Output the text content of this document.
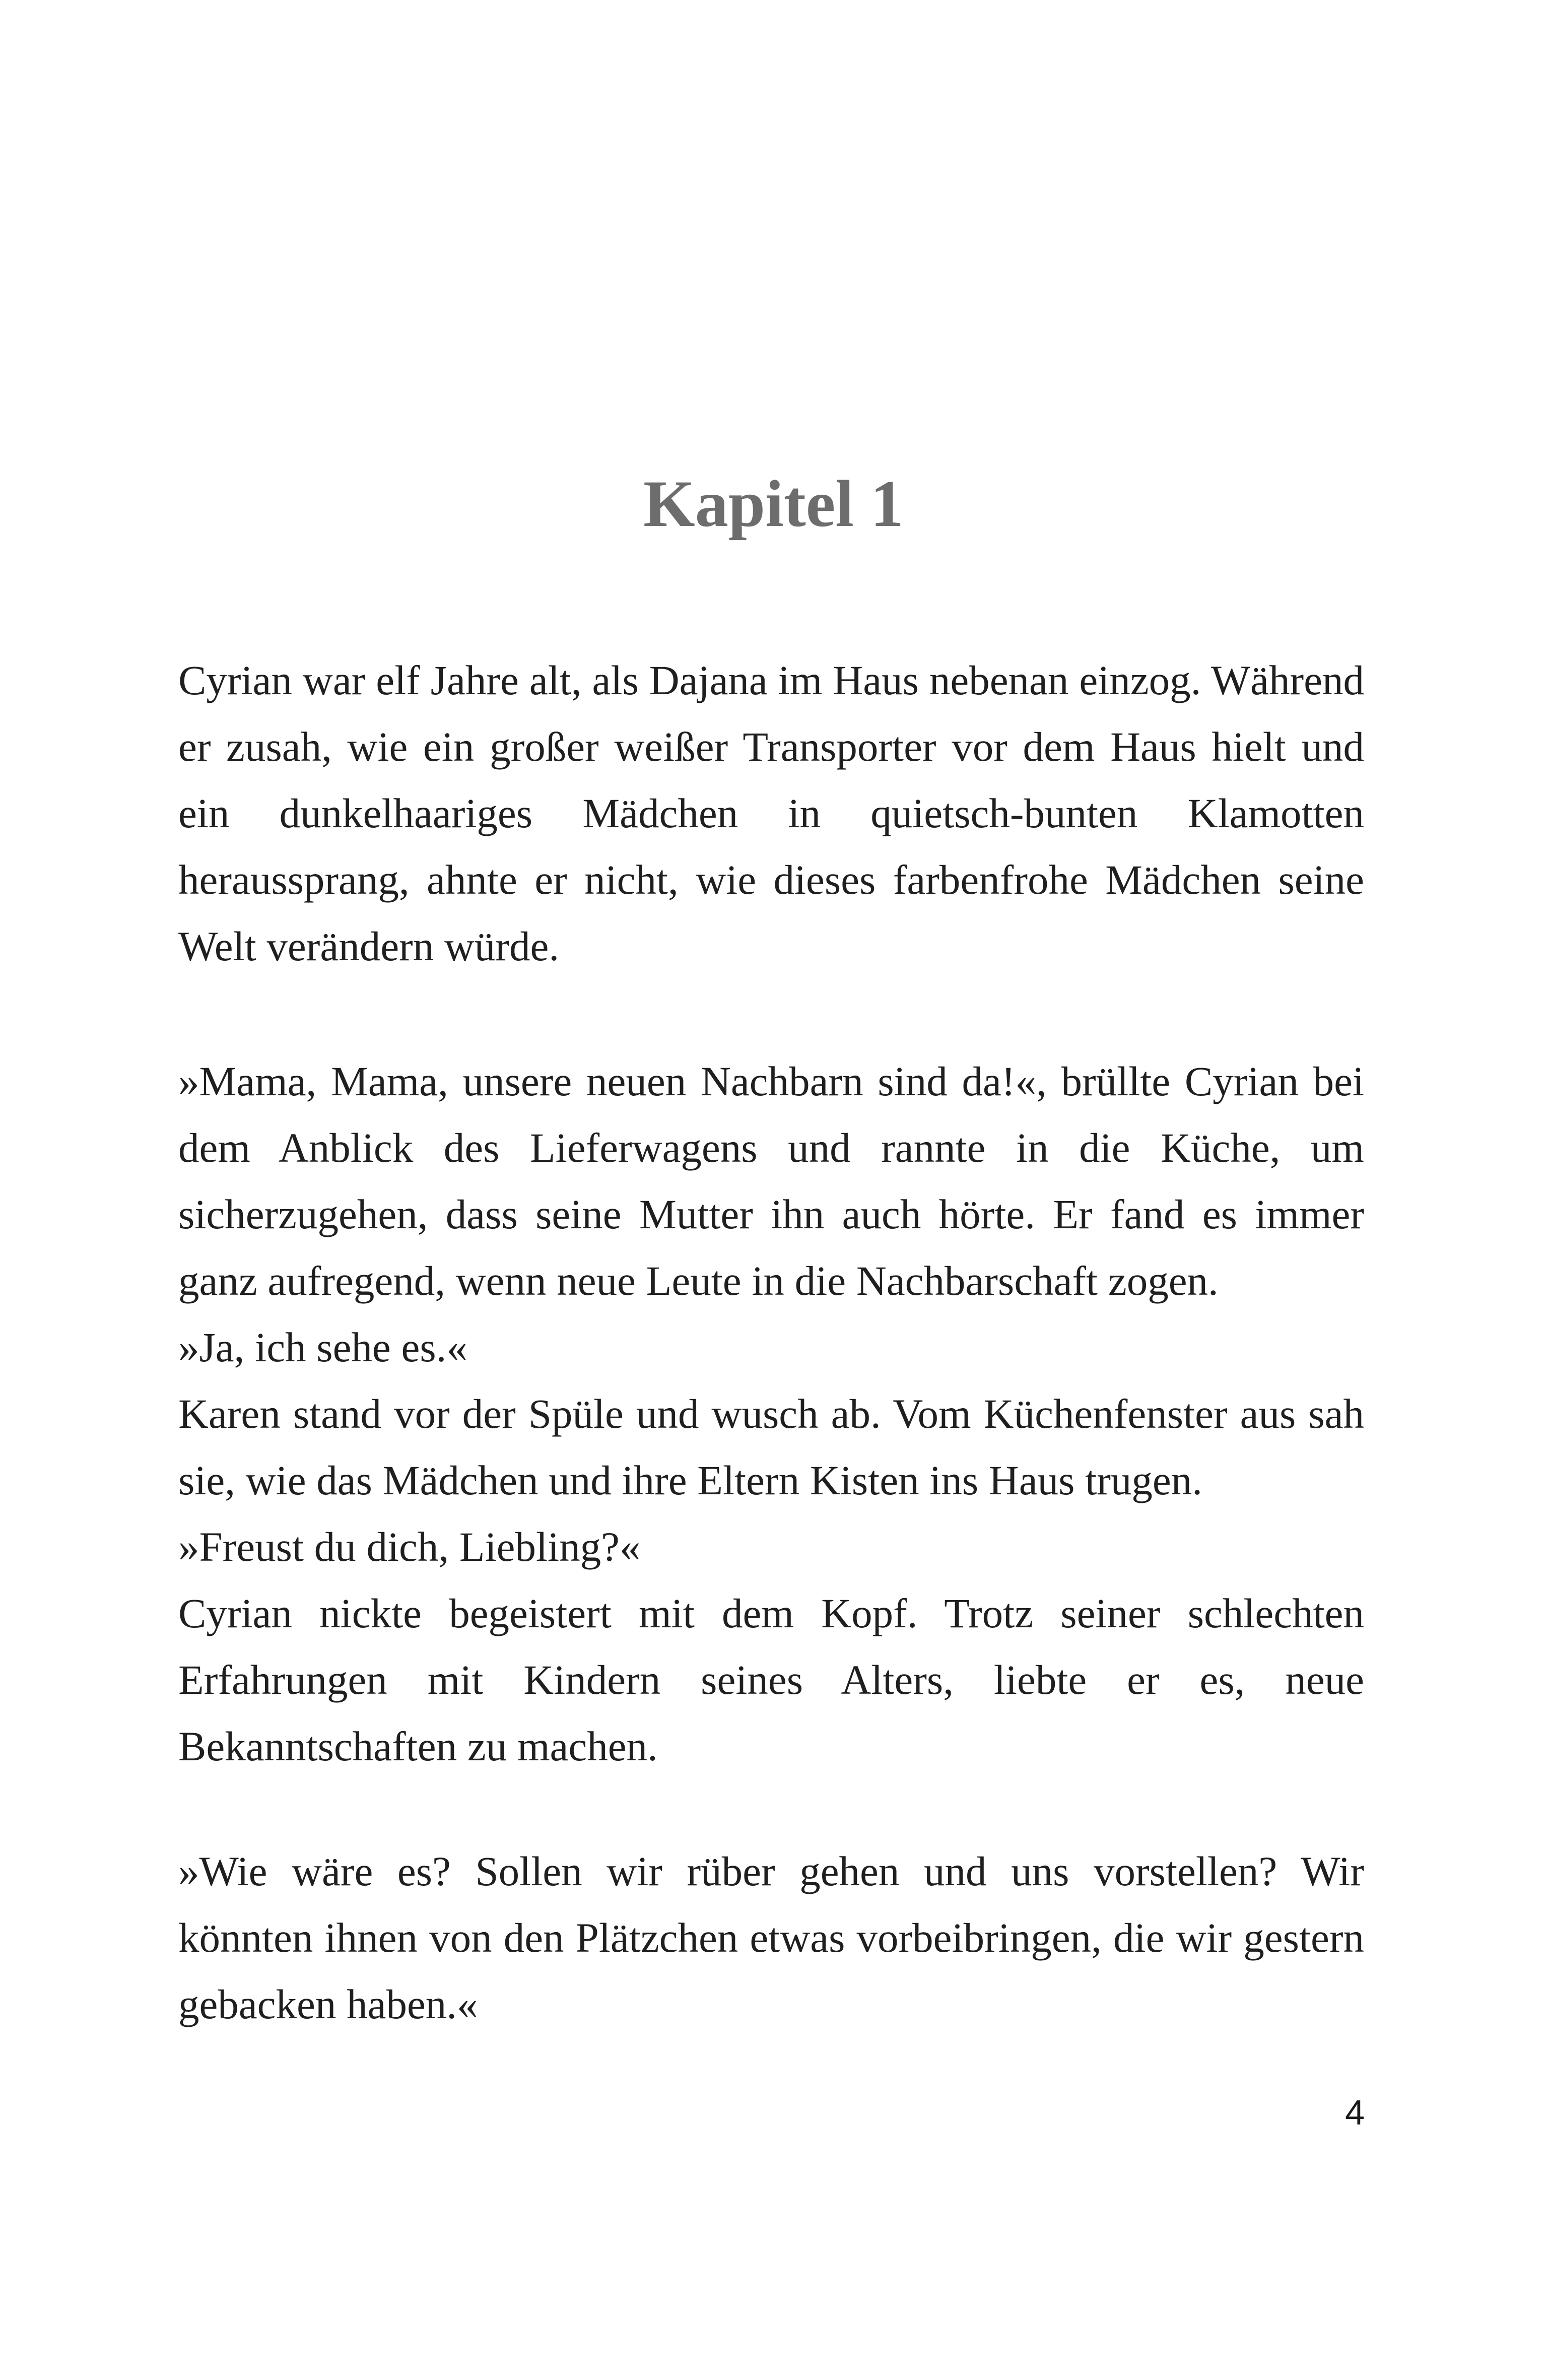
Kapitel 1

Cyrian war elf Jahre alt, als Dajana im Haus nebenan einzog. Während er zusah, wie ein großer weißer Transporter vor dem Haus hielt und ein dunkelhaariges Mädchen in quietsch-bunten Klamotten heraussprang, ahnte er nicht, wie dieses farbenfrohe Mädchen seine Welt verändern würde.

»Mama, Mama, unsere neuen Nachbarn sind da!«, brüllte Cyrian bei dem Anblick des Lieferwagens und rannte in die Küche, um sicherzugehen, dass seine Mutter ihn auch hörte. Er fand es immer ganz aufregend, wenn neue Leute in die Nachbarschaft zogen.

»Ja, ich sehe es.«

Karen stand vor der Spüle und wusch ab. Vom Küchenfenster aus sah sie, wie das Mädchen und ihre Eltern Kisten ins Haus trugen.

»Freust du dich, Liebling?«

Cyrian nickte begeistert mit dem Kopf. Trotz seiner schlechten Erfahrungen mit Kindern seines Alters, liebte er es, neue Bekanntschaften zu machen.

»Wie wäre es? Sollen wir rüber gehen und uns vorstellen? Wir könnten ihnen von den Plätzchen etwas vorbeibringen, die wir gestern gebacken haben.«

4
